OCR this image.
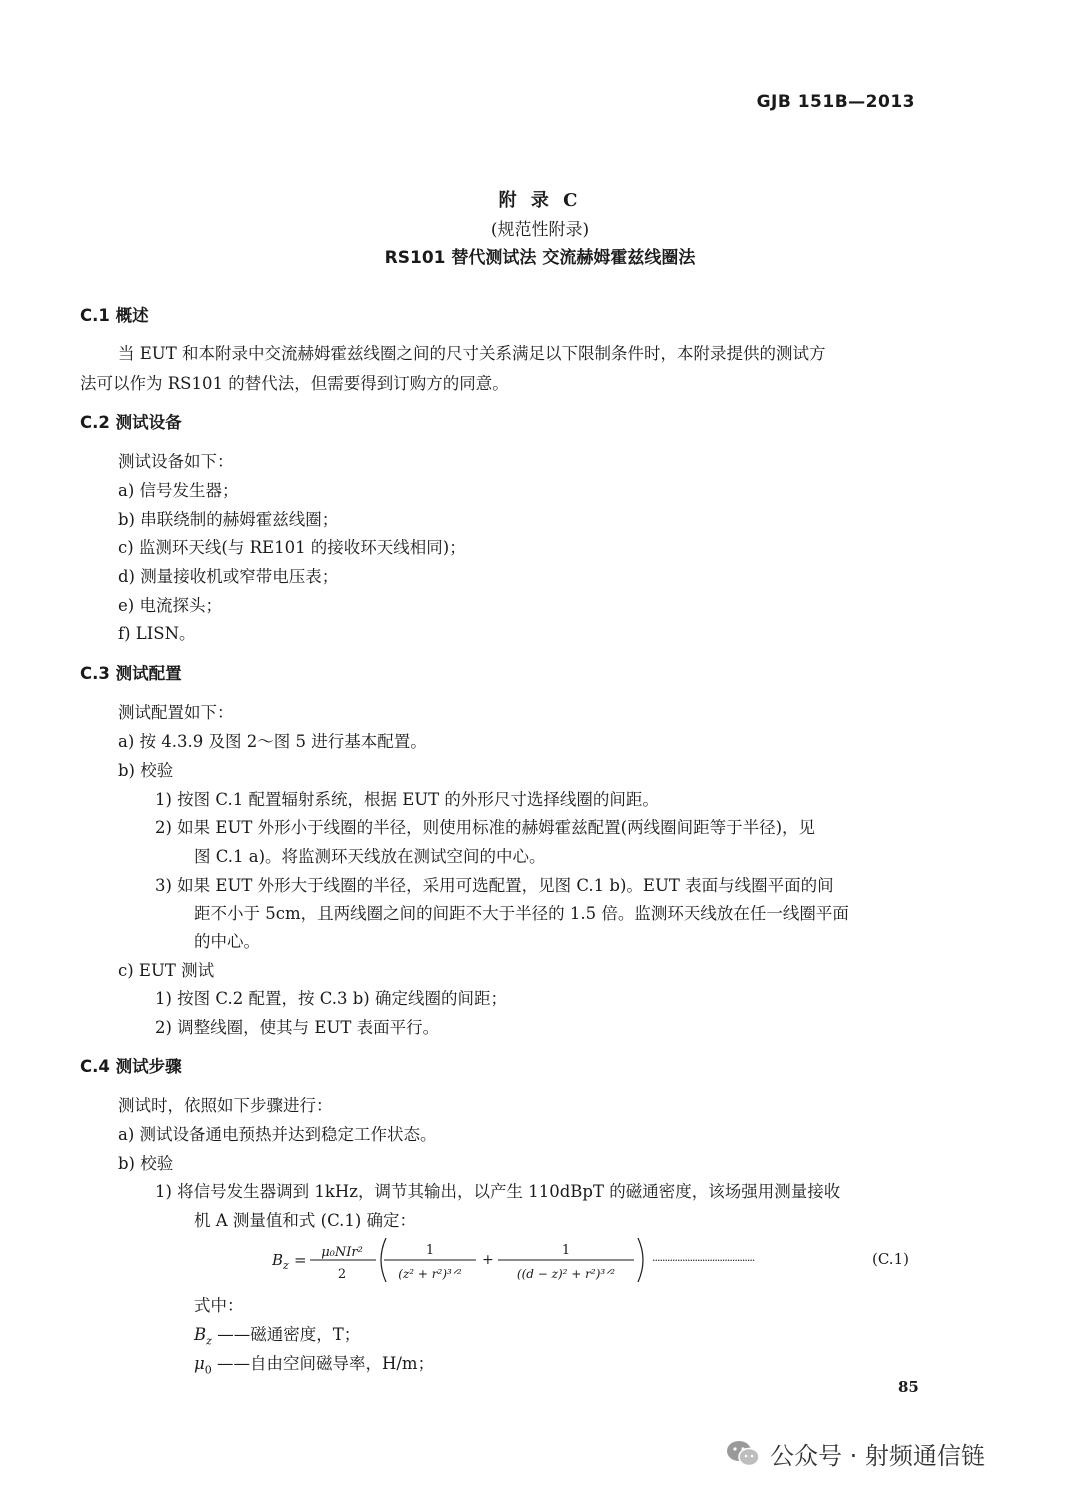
GJB 151B—2013
附 录 C
(规范性附录)
RS101 替代测试法 交流赫姆霍兹线圈法
C.1 概述
当 EUT 和本附录中交流赫姆霍兹线圈之间的尺寸关系满足以下限制条件时，本附录提供的测试方
法可以作为 RS101 的替代法，但需要得到订购方的同意。
C.2 测试设备
测试设备如下：
a) 信号发生器；
b) 串联绕制的赫姆霍兹线圈；
c) 监测环天线(与 RE101 的接收环天线相同)；
d) 测量接收机或窄带电压表；
e) 电流探头；
f) LISN。
C.3 测试配置
测试配置如下：
a) 按 4.3.9 及图 2～图 5 进行基本配置。
b) 校验
1) 按图 C.1 配置辐射系统，根据 EUT 的外形尺寸选择线圈的间距。
2) 如果 EUT 外形小于线圈的半径，则使用标准的赫姆霍兹配置(两线圈间距等于半径)，见
图 C.1 a)。将监测环天线放在测试空间的中心。
3) 如果 EUT 外形大于线圈的半径，采用可选配置，见图 C.1 b)。EUT 表面与线圈平面的间
距不小于 5cm，且两线圈之间的间距不大于半径的 1.5 倍。监测环天线放在任一线圈平面
的中心。
c) EUT 测试
1) 按图 C.2 配置，按 C.3 b) 确定线圈的间距；
2) 调整线圈，使其与 EUT 表面平行。
C.4 测试步骤
测试时，依照如下步骤进行：
a) 测试设备通电预热并达到稳定工作状态。
b) 校验
1) 将信号发生器调到 1kHz，调节其输出，以产生 110dBpT 的磁通密度，该场强用测量接收
机 A 测量值和式 (C.1) 确定：
B z = μ₀NIr²
2
1
(z² + r²)³ᐟ²
+
1
((d − z)² + r²)³ᐟ²
·········································	(C.1)
式中：
$B_z$ ——磁通密度，T；
$\mu_0$ ——自由空间磁导率，H/m；
85
公众号 · 射频通信链
